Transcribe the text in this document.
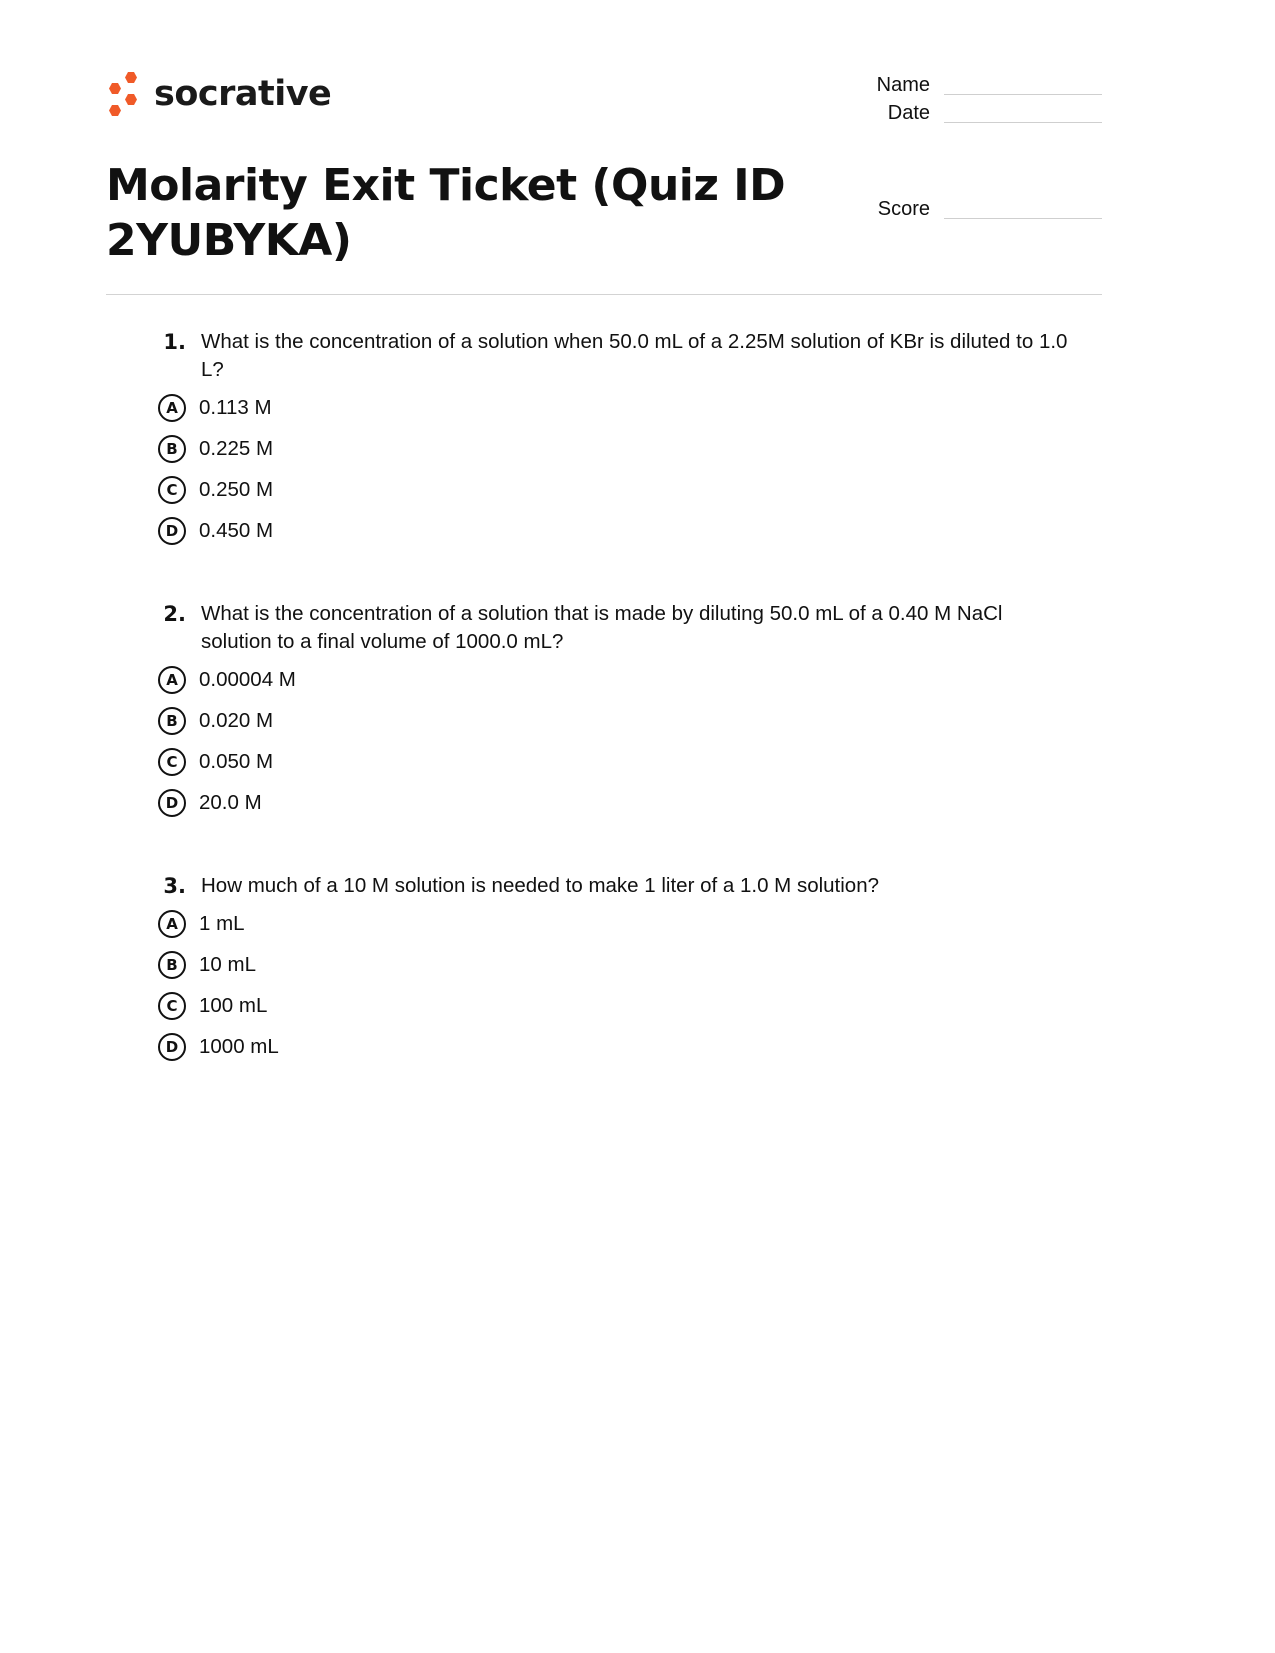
socrative	Name
Date
Score
Molarity Exit Ticket (Quiz ID 2YUBYKA)
1. What is the concentration of a solution when 50.0 mL of a 2.25M solution of KBr is diluted to 1.0 L?
A	0.113 M
B	0.225 M
C	0.250 M
D	0.450 M
2. What is the concentration of a solution that is made by diluting 50.0 mL of a 0.40 M NaCl solution to a final volume of 1000.0 mL?
A	0.00004 M
B	0.020 M
C	0.050 M
D	20.0 M
3. How much of a 10 M solution is needed to make 1 liter of a 1.0 M solution?
A	1 mL
B	10 mL
C	100 mL
D	1000 mL
